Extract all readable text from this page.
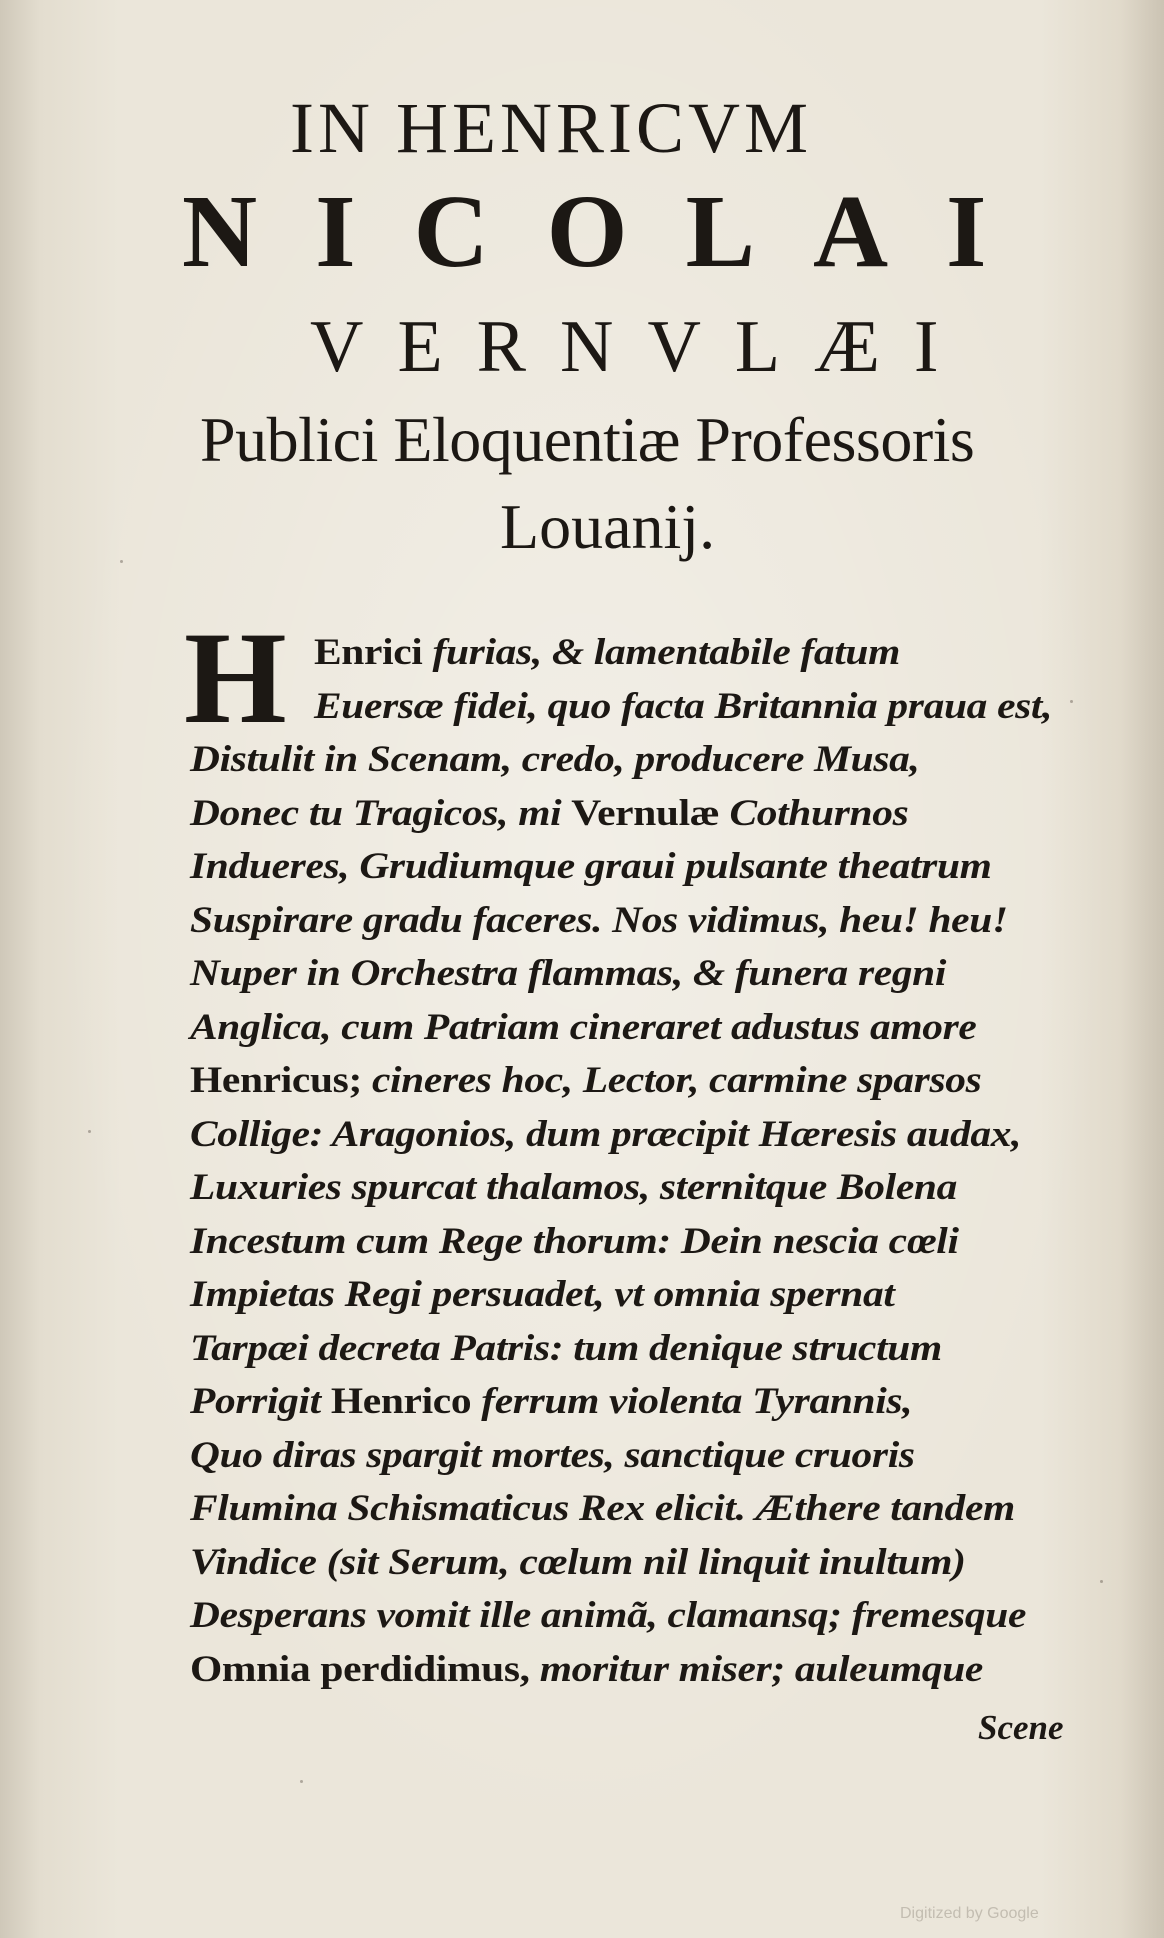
IN HENRICVM
NICOLAI
VERNVLÆI
Publici Eloquentiæ Professoris
Louanij.
H Enrici furias, & lamentabile fatum
Euersæ fidei, quo facta Britannia praua est,
Distulit in Scenam, credo, producere Musa,
Donec tu Tragicos, mi Vernulæ Cothurnos
Indueres, Grudiumque graui pulsante theatrum
Suspirare gradu faceres. Nos vidimus, heu! heu!
Nuper in Orchestra flammas, & funera regni
Anglica, cum Patriam cineraret adustus amore
Henricus; cineres hoc, Lector, carmine sparsos
Collige: Aragonios, dum præcipit Hæresis audax,
Luxuries spurcat thalamos, sternitque Bolena
Incestum cum Rege thorum: Dein nescia cœli
Impietas Regi persuadet, vt omnia spernat
Tarpæi decreta Patris: tum denique structum
Porrigit Henrico ferrum violenta Tyrannis,
Quo diras spargit mortes, sanctique cruoris
Flumina Schismaticus Rex elicit. Æthere tandem
Vindice (sit Serum, cœlum nil linquit inultum)
Desperans vomit ille animã, clamansq; fremesque
Omnia perdidimus, moritur miser; auleumque
Scene
Digitized by Google
